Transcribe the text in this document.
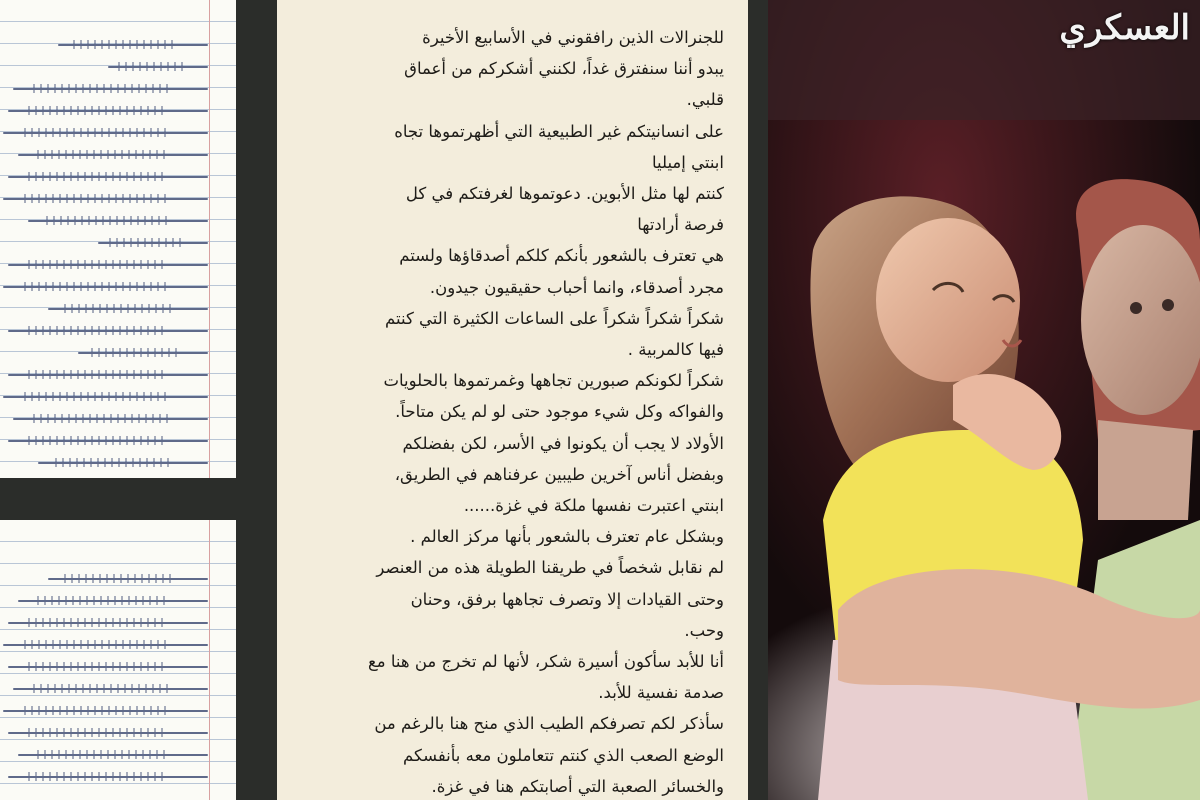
للجنرالات الذين رافقوني في الأسابيع الأخيرة

يبدو أننا سنفترق غداً، لكنني أشكركم من أعماق

قلبي.

على انسانيتكم غير الطبيعية التي أظهرتموها تجاه

ابنتي إميليا

كنتم لها مثل الأبوين. دعوتموها لغرفتكم في كل

فرصة أرادتها

هي تعترف بالشعور بأنكم كلكم أصدقاؤها ولستم

مجرد أصدقاء، وانما أحباب حقيقيون جيدون.

شكراً شكراً شكراً على الساعات الكثيرة التي كنتم

فيها كالمربية .

شكراً لكونكم صبورين تجاهها وغمرتموها بالحلويات

والفواكه وكل شيء موجود حتى لو لم يكن متاحاً.

الأولاد لا يجب أن يكونوا في الأسر، لكن بفضلكم

وبفضل أناس آخرين طيبين عرفناهم في الطريق،

ابنتي اعتبرت نفسها ملكة في غزة......

وبشكل عام تعترف بالشعور بأنها مركز العالم .

لم نقابل شخصاً في طريقنا الطويلة هذه من العنصر

وحتى القيادات إلا وتصرف تجاهها برفق، وحنان

وحب.

أنا للأبد سأكون أسيرة شكر، لأنها لم تخرج من هنا مع

صدمة نفسية للأبد.

سأذكر لكم تصرفكم الطيب الذي منح هنا بالرغم من

الوضع الصعب الذي كنتم تتعاملون معه بأنفسكم

والخسائر الصعبة التي أصابتكم هنا في غزة.

العسكري
